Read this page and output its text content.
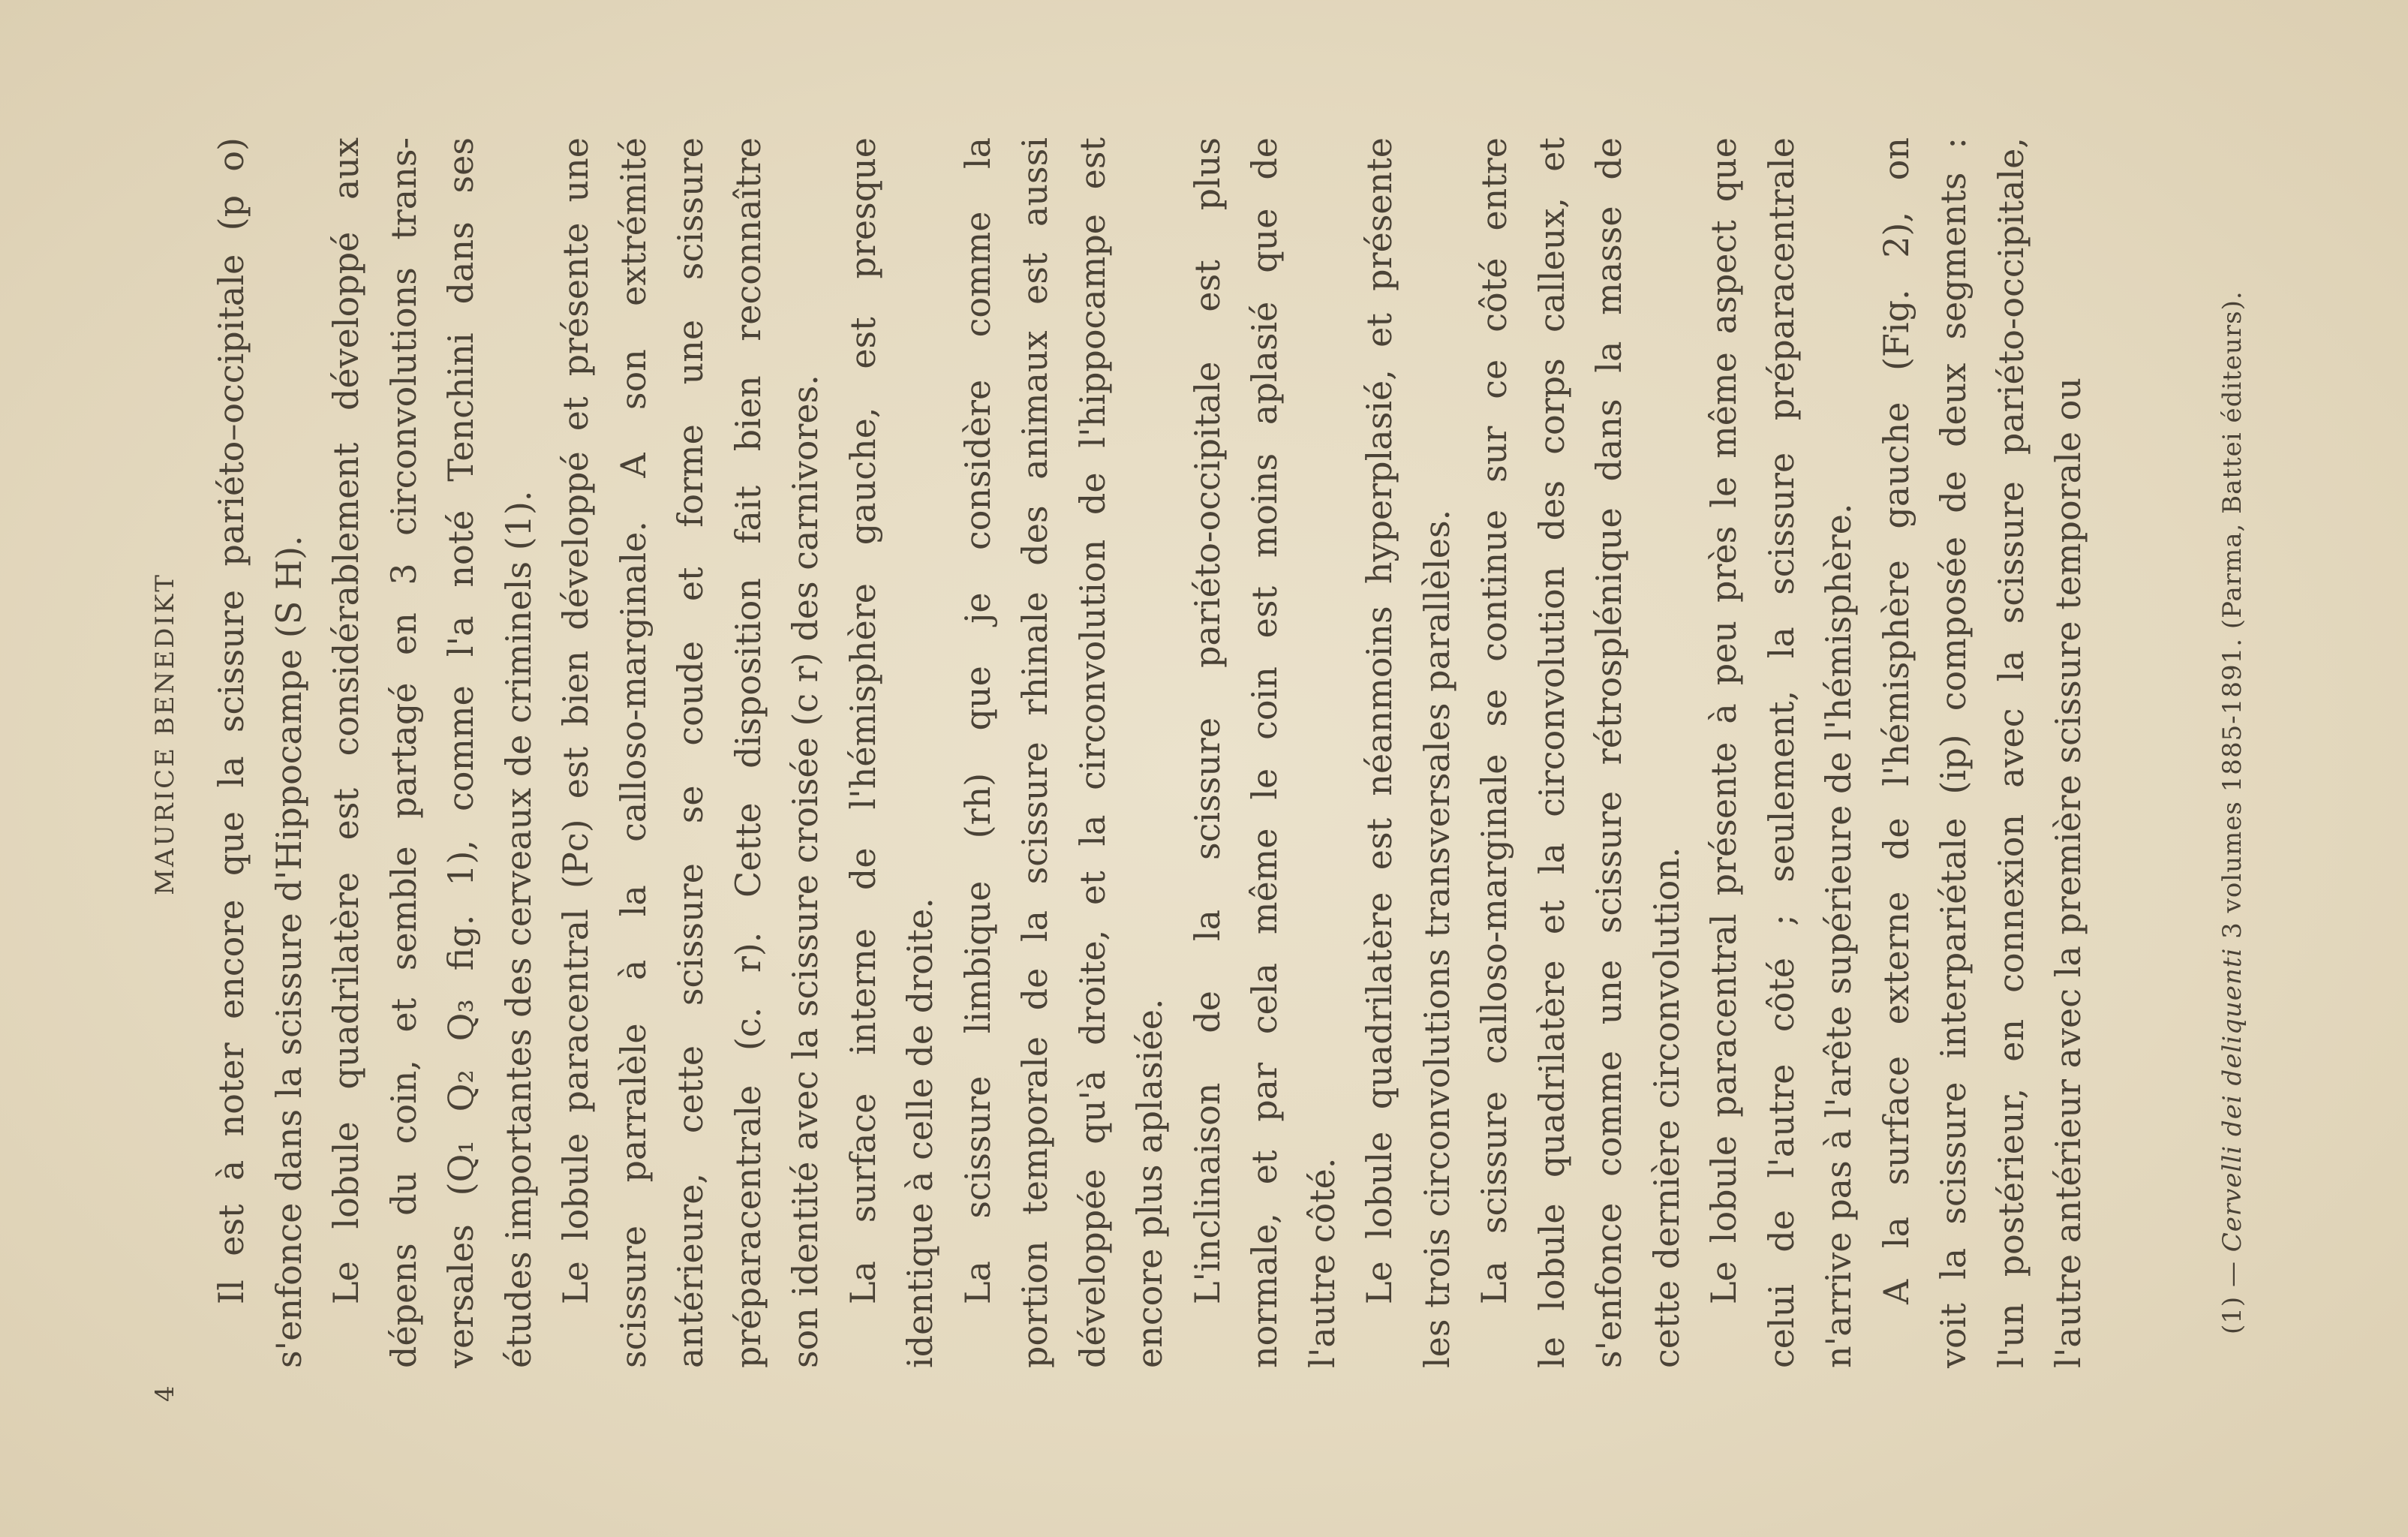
4
MAURICE BENEDIKT Il est à noter encore que la scissure pariéto–occipitale (p o) s'enfonce dans la scissure d'Hippocampe (S H). Le lobule quadrilatère est considérablement développé aux dépens du coin, et semble partagé en 3 circonvolutions trans- versales (Q₁ Q₂ Q₃ fig. 1), comme l'a noté Tenchini dans ses études importantes des cerveaux de criminels (1). Le lobule paracentral (Pc) est bien développé et présente une scissure parralèle à la calloso-marginale. A son extrémité antérieure, cette scissure se coude et forme une scissure préparacentrale (c. r). Cette disposition fait bien reconnaître son identité avec la scissure croisée (c r) des carnivores. La surface interne de l'hémisphère gauche, est presque identique à celle de droite. La scissure limbique (rh) que je considère comme la portion temporale de la scissure rhinale des animaux est aussi développée qu'à droite, et la circonvolution de l'hippocampe est encore plus aplasiée. L'inclinaison de la scissure pariéto-occipitale est plus normale, et par cela même le coin est moins aplasié que de l'autre côté. Le lobule quadrilatère est néanmoins hyperplasié, et présente les trois circonvolutions transversales parallèles. La scissure calloso-marginale se continue sur ce côté entre le lobule quadrilatère et la circonvolution des corps calleux, et s'enfonce comme une scissure rétrosplénique dans la masse de cette dernière circonvolution. Le lobule paracentral présente à peu près le même aspect que celui de l'autre côté ; seulement, la scissure préparacentrale n'arrive pas à l'arête supérieure de l'hémisphère. A la surface externe de l'hémisphère gauche (Fig. 2), on voit la scissure interpariétale (ip) composée de deux segments : l'un postérieur, en connexion avec la scissure pariéto-occipitale, l'autre antérieur avec la première scissure temporale ou	(1) — Cervelli dei deliquenti 3 volumes 1885-1891. (Parma, Battei éditeurs).
